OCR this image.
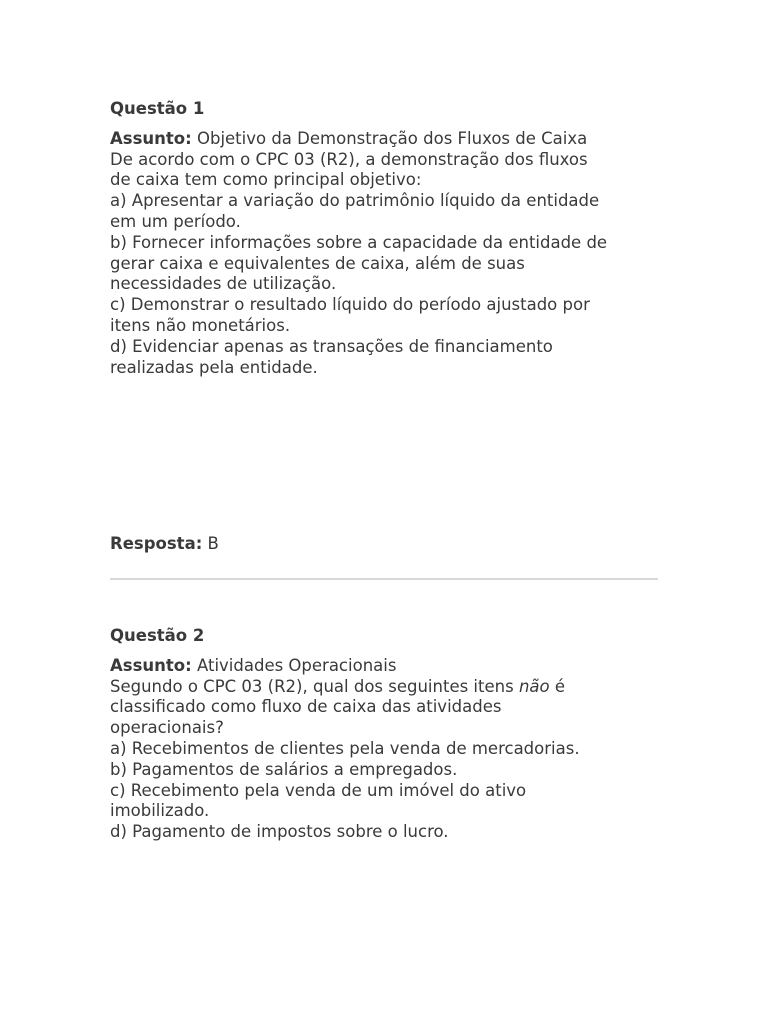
Questão 1

Assunto: Objetivo da Demonstração dos Fluxos de Caixa

De acordo com o CPC 03 (R2), a demonstração dos fluxos

de caixa tem como principal objetivo:

a) Apresentar a variação do patrimônio líquido da entidade

em um período.

b) Fornecer informações sobre a capacidade da entidade de

gerar caixa e equivalentes de caixa, além de suas

necessidades de utilização.

c) Demonstrar o resultado líquido do período ajustado por

itens não monetários.

d) Evidenciar apenas as transações de financiamento

realizadas pela entidade.

Resposta: B

Questão 2

Assunto: Atividades Operacionais

Segundo o CPC 03 (R2), qual dos seguintes itens não é

classificado como fluxo de caixa das atividades

operacionais?

a) Recebimentos de clientes pela venda de mercadorias.

b) Pagamentos de salários a empregados.

c) Recebimento pela venda de um imóvel do ativo

imobilizado.

d) Pagamento de impostos sobre o lucro.
